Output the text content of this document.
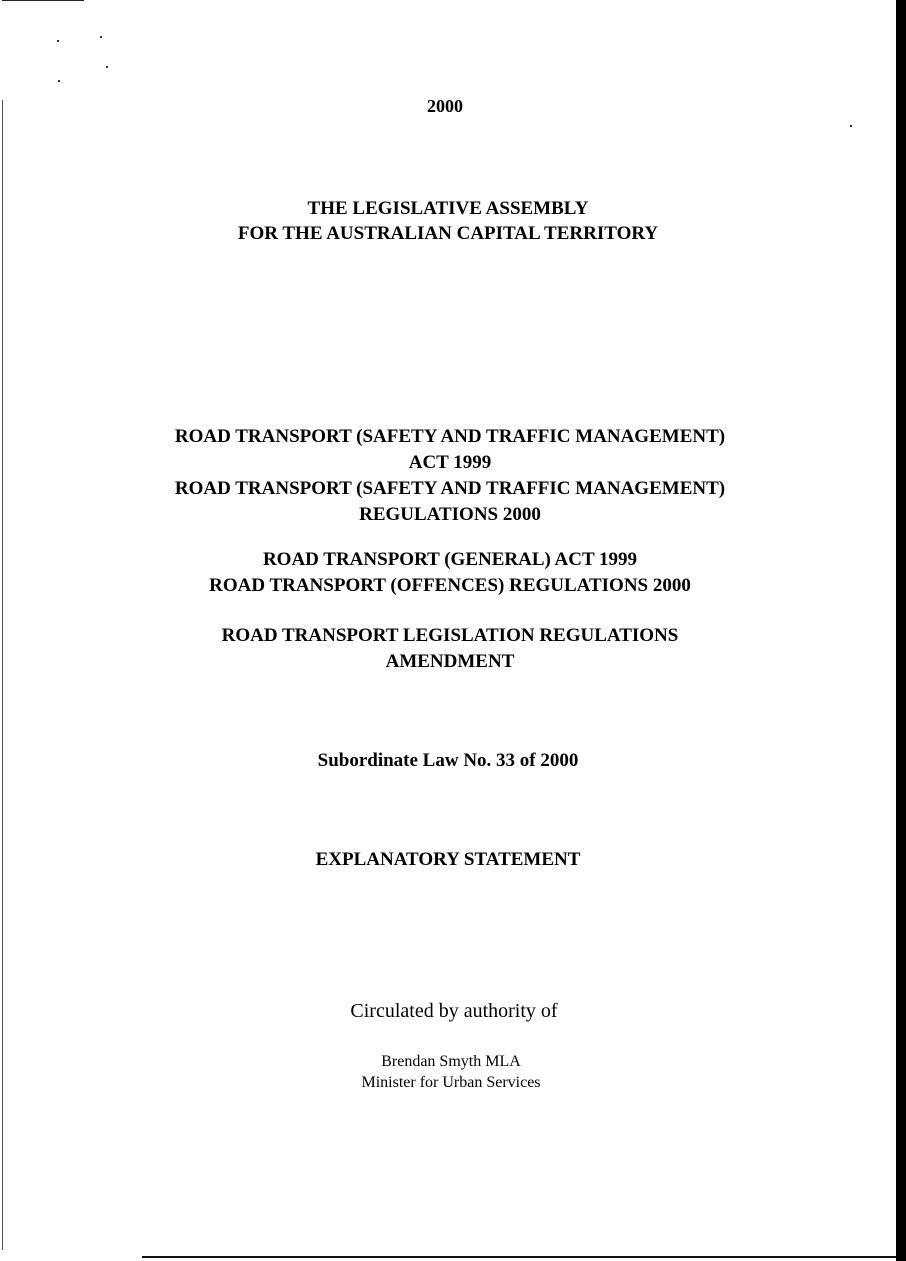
2000
THE LEGISLATIVE ASSEMBLY
FOR THE AUSTRALIAN CAPITAL TERRITORY
ROAD TRANSPORT (SAFETY AND TRAFFIC MANAGEMENT)
ACT 1999
ROAD TRANSPORT (SAFETY AND TRAFFIC MANAGEMENT)
REGULATIONS 2000
ROAD TRANSPORT (GENERAL) ACT 1999
ROAD TRANSPORT (OFFENCES) REGULATIONS 2000
ROAD TRANSPORT LEGISLATION REGULATIONS
AMENDMENT
Subordinate Law No. 33 of 2000
EXPLANATORY STATEMENT
Circulated by authority of
Brendan Smyth MLA
Minister for Urban Services
